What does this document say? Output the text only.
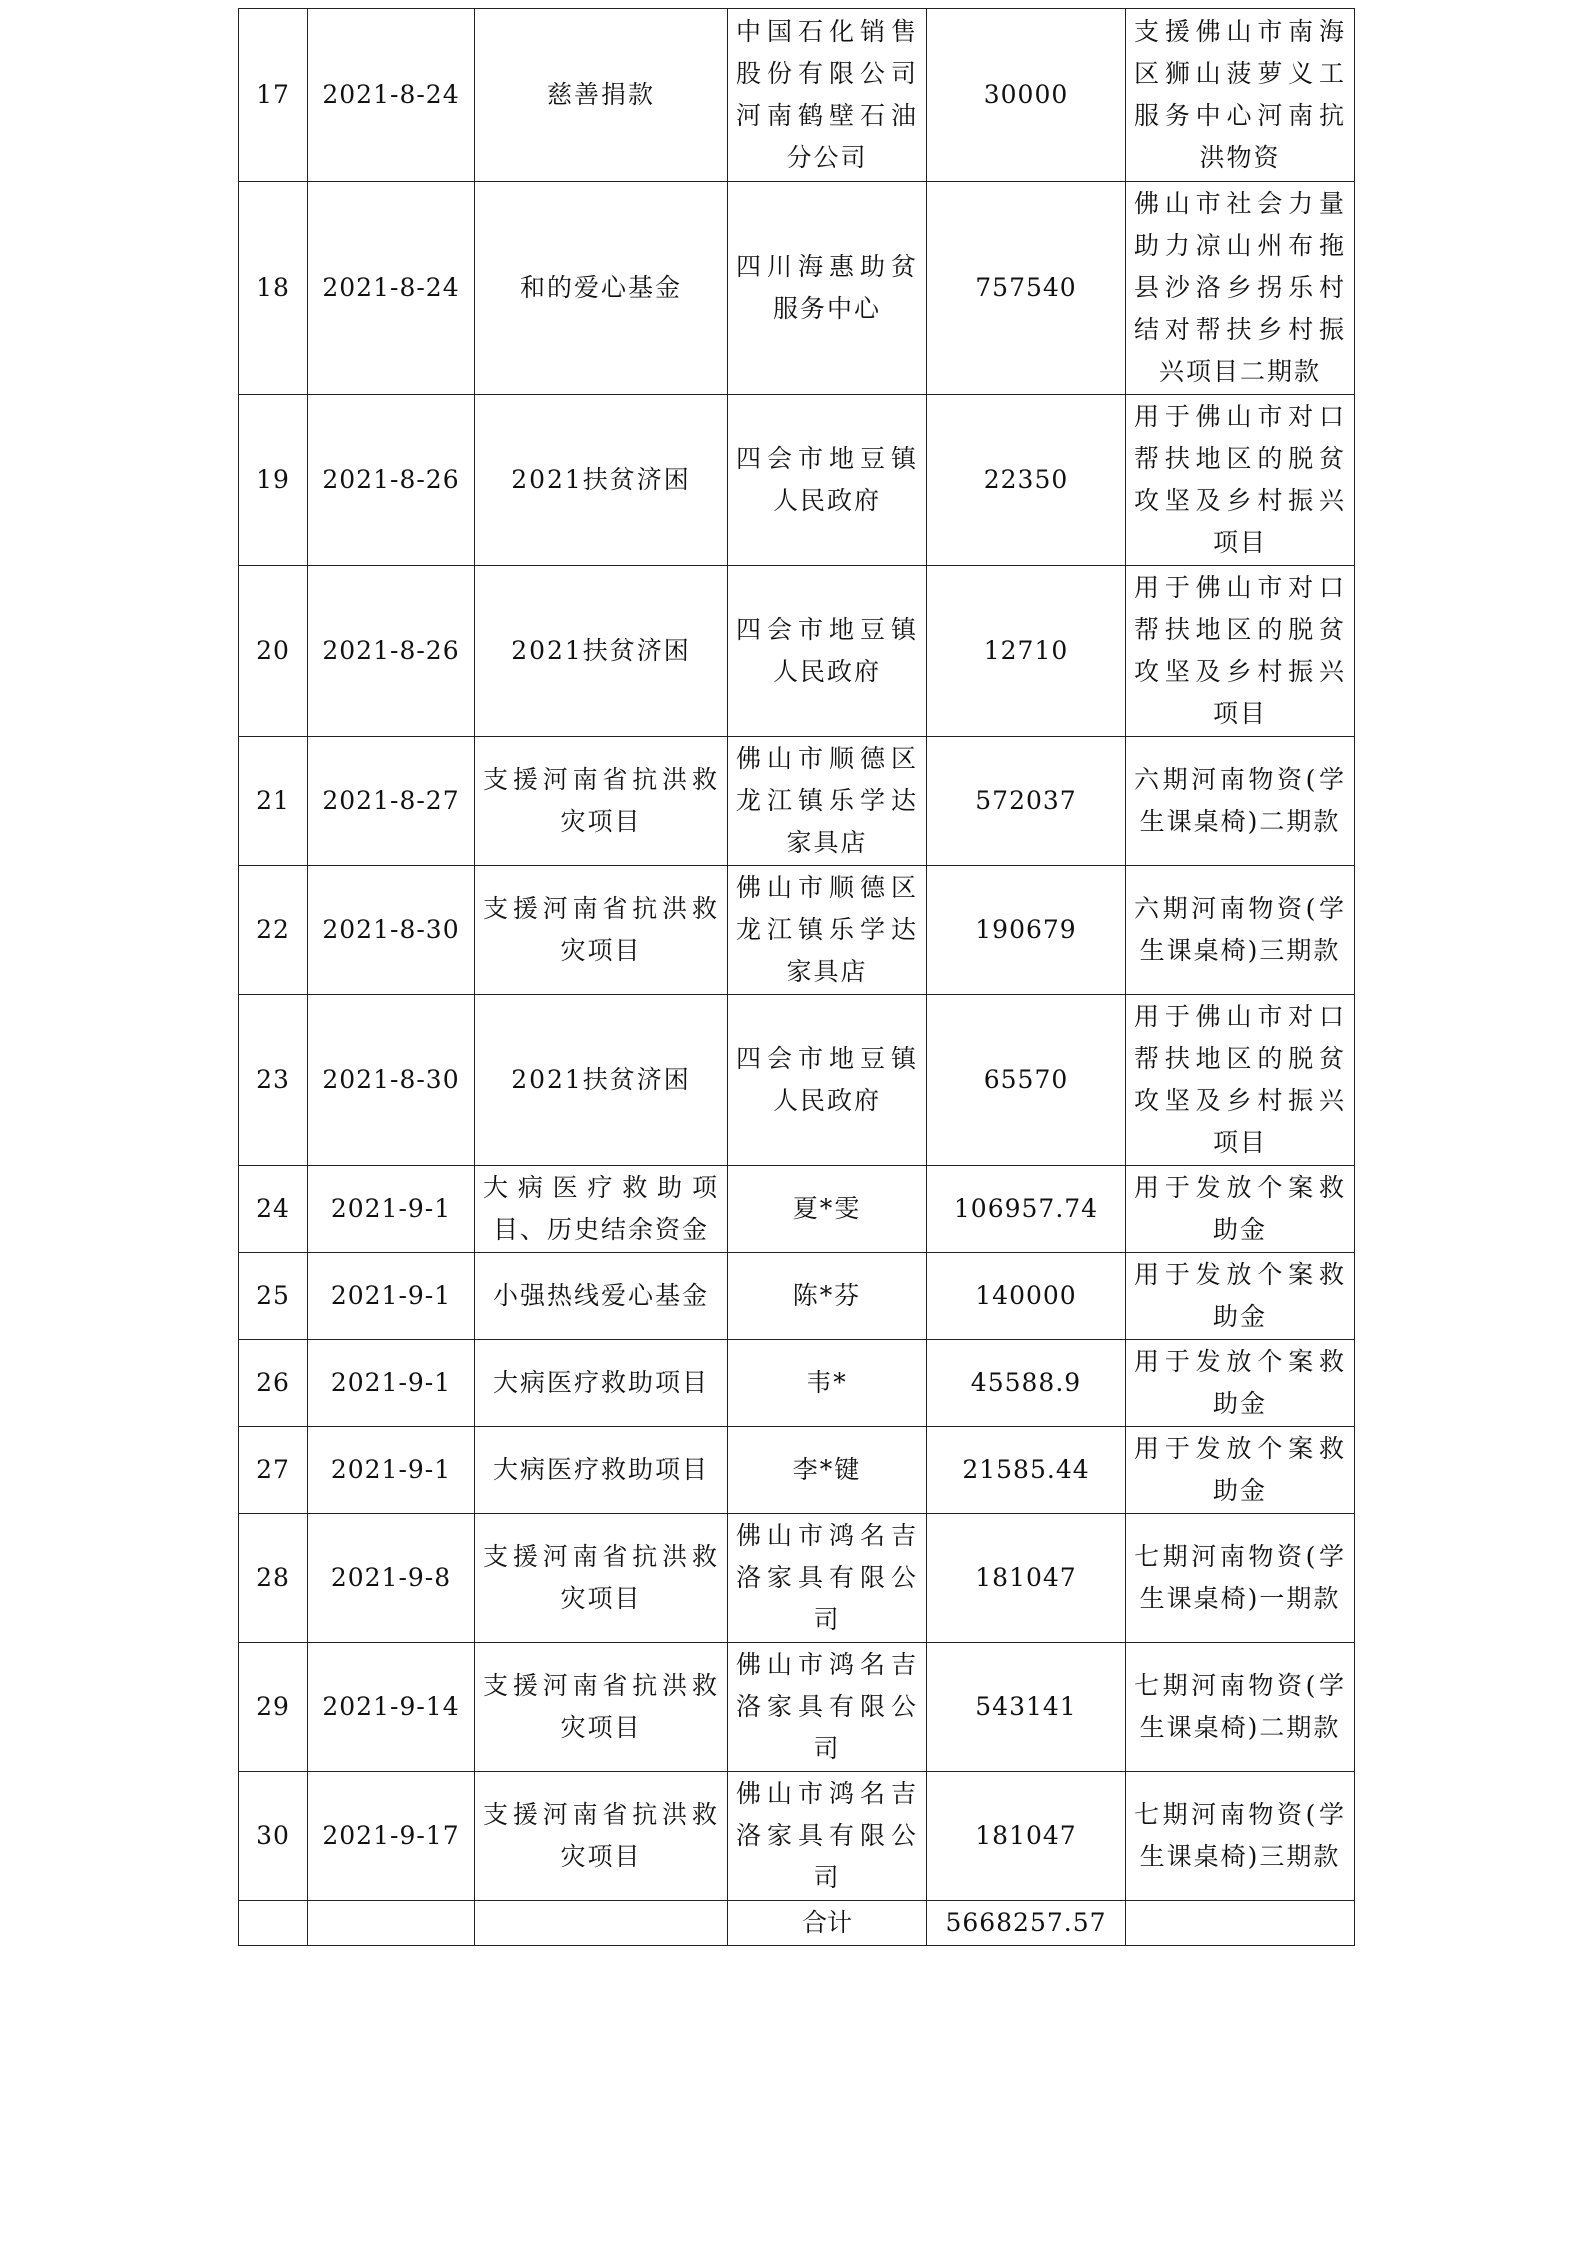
17	2021-8-24	慈善捐款	中国石化销售股份有限公司河南鹤壁石油分公司	30000	支援佛山市南海区狮山菠萝义工服务中心河南抗洪物资
18	2021-8-24	和的爱心基金	四川海惠助贫服务中心	757540	佛山市社会力量助力凉山州布拖县沙洛乡拐乐村结对帮扶乡村振兴项目二期款
19	2021-8-26	2021扶贫济困	四会市地豆镇人民政府	22350	用于佛山市对口帮扶地区的脱贫攻坚及乡村振兴项目
20	2021-8-26	2021扶贫济困	四会市地豆镇人民政府	12710	用于佛山市对口帮扶地区的脱贫攻坚及乡村振兴项目
21	2021-8-27	支援河南省抗洪救灾项目	佛山市顺德区龙江镇乐学达家具店	572037	六期河南物资(学生课桌椅)二期款
22	2021-8-30	支援河南省抗洪救灾项目	佛山市顺德区龙江镇乐学达家具店	190679	六期河南物资(学生课桌椅)三期款
23	2021-8-30	2021扶贫济困	四会市地豆镇人民政府	65570	用于佛山市对口帮扶地区的脱贫攻坚及乡村振兴项目
24	2021-9-1	大病医疗救助项目、历史结余资金	夏*雯	106957.74	用于发放个案救助金
25	2021-9-1	小强热线爱心基金	陈*芬	140000	用于发放个案救助金
26	2021-9-1	大病医疗救助项目	韦*	45588.9	用于发放个案救助金
27	2021-9-1	大病医疗救助项目	李*键	21585.44	用于发放个案救助金
28	2021-9-8	支援河南省抗洪救灾项目	佛山市鸿名吉洛家具有限公司	181047	七期河南物资(学生课桌椅)一期款
29	2021-9-14	支援河南省抗洪救灾项目	佛山市鸿名吉洛家具有限公司	543141	七期河南物资(学生课桌椅)二期款
30	2021-9-17	支援河南省抗洪救灾项目	佛山市鸿名吉洛家具有限公司	181047	七期河南物资(学生课桌椅)三期款
			合计	5668257.57	
